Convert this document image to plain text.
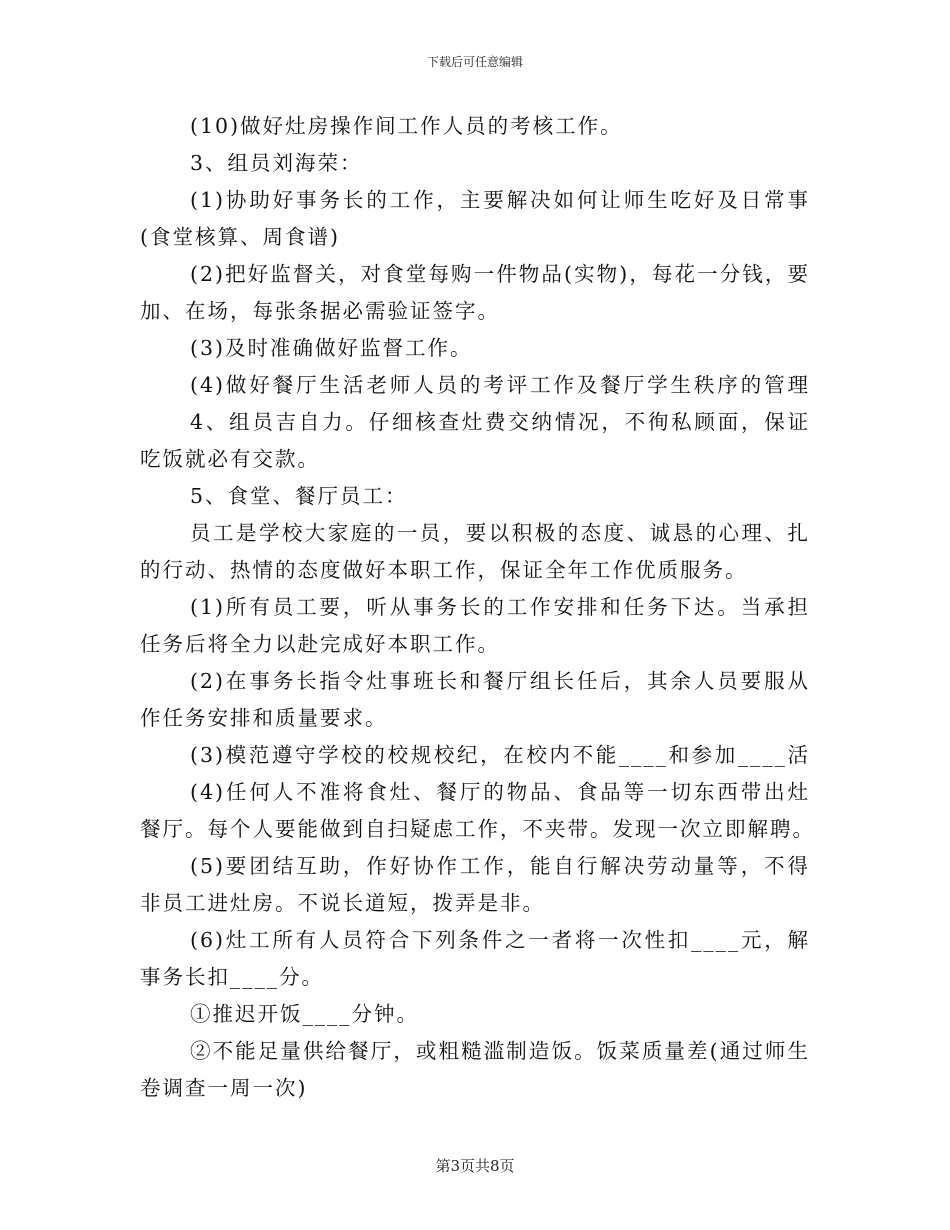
下载后可任意编辑
(10)做好灶房操作间工作人员的考核工作。
3、组员刘海荣：
(1)协助好事务长的工作，主要解决如何让师生吃好及日常事
(食堂核算、周食谱)
(2)把好监督关，对食堂每购一件物品(实物)，每花一分钱，要
加、在场，每张条据必需验证签字。
(3)及时准确做好监督工作。
(4)做好餐厅生活老师人员的考评工作及餐厅学生秩序的管理
4、组员吉自力。仔细核查灶费交纳情况，不徇私顾面，保证
吃饭就必有交款。
5、食堂、餐厅员工：
员工是学校大家庭的一员，要以积极的态度、诚恳的心理、扎
的行动、热情的态度做好本职工作，保证全年工作优质服务。
(1)所有员工要，听从事务长的工作安排和任务下达。当承担
任务后将全力以赴完成好本职工作。
(2)在事务长指令灶事班长和餐厅组长任后，其余人员要服从
作任务安排和质量要求。
(3)模范遵守学校的校规校纪，在校内不能____和参加____活
(4)任何人不准将食灶、餐厅的物品、食品等一切东西带出灶
餐厅。每个人要能做到自扫疑虑工作，不夹带。发现一次立即解聘。
(5)要团结互助，作好协作工作，能自行解决劳动量等，不得
非员工进灶房。不说长道短，拨弄是非。
(6)灶工所有人员符合下列条件之一者将一次性扣____元，解
事务长扣____分。
①推迟开饭____分钟。
②不能足量供给餐厅，或粗糙滥制造饭。饭菜质量差(通过师生
卷调查一周一次)
第3页共8页
